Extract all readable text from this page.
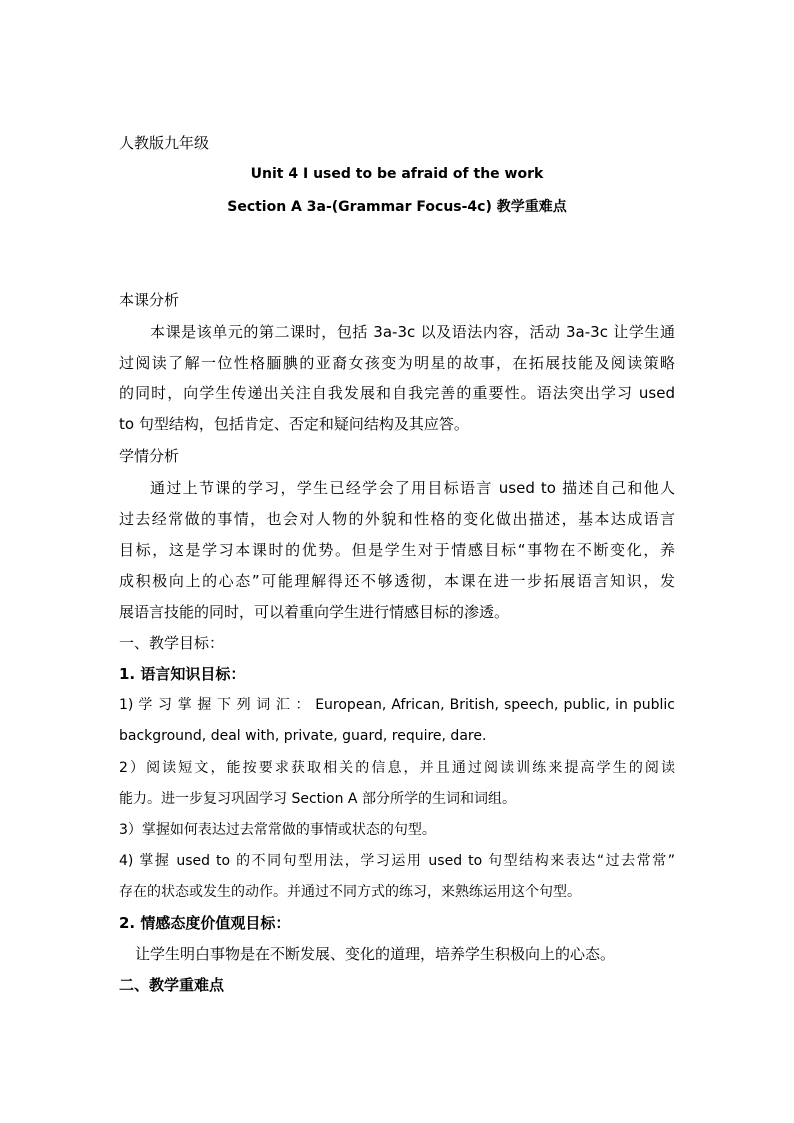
人教版九年级
Unit 4 I used to be afraid of the work
Section A 3a-(Grammar Focus-4c) 教学重难点
本课分析
本课是该单元的第二课时，包括 3a-3c 以及语法内容，活动 3a-3c 让学生通
过阅读了解一位性格腼腆的亚裔女孩变为明星的故事，在拓展技能及阅读策略
的同时，向学生传递出关注自我发展和自我完善的重要性。语法突出学习 used
to 句型结构，包括肯定、否定和疑问结构及其应答。
学情分析
通过上节课的学习，学生已经学会了用目标语言 used to 描述自己和他人
过去经常做的事情，也会对人物的外貌和性格的变化做出描述，基本达成语言
目标，这是学习本课时的优势。但是学生对于情感目标“事物在不断变化，养
成积极向上的心态”可能理解得还不够透彻，本课在进一步拓展语言知识，发
展语言技能的同时，可以着重向学生进行情感目标的渗透。
一、教学目标：
1. 语言知识目标：
1) 学 习 掌 握 下 列 词 汇 ： European, African, British, speech, public, in public
background, deal with, private, guard, require, dare.
2）阅读短文，能按要求获取相关的信息，并且通过阅读训练来提高学生的阅读
能力。进一步复习巩固学习 Section A 部分所学的生词和词组。
3）掌握如何表达过去常常做的事情或状态的句型。
4) 掌握 used to 的不同句型用法，学习运用 used to 句型结构来表达“过去常常”
存在的状态或发生的动作。并通过不同方式的练习，来熟练运用这个句型。
2. 情感态度价值观目标：
让学生明白事物是在不断发展、变化的道理，培养学生积极向上的心态。
二、教学重难点
